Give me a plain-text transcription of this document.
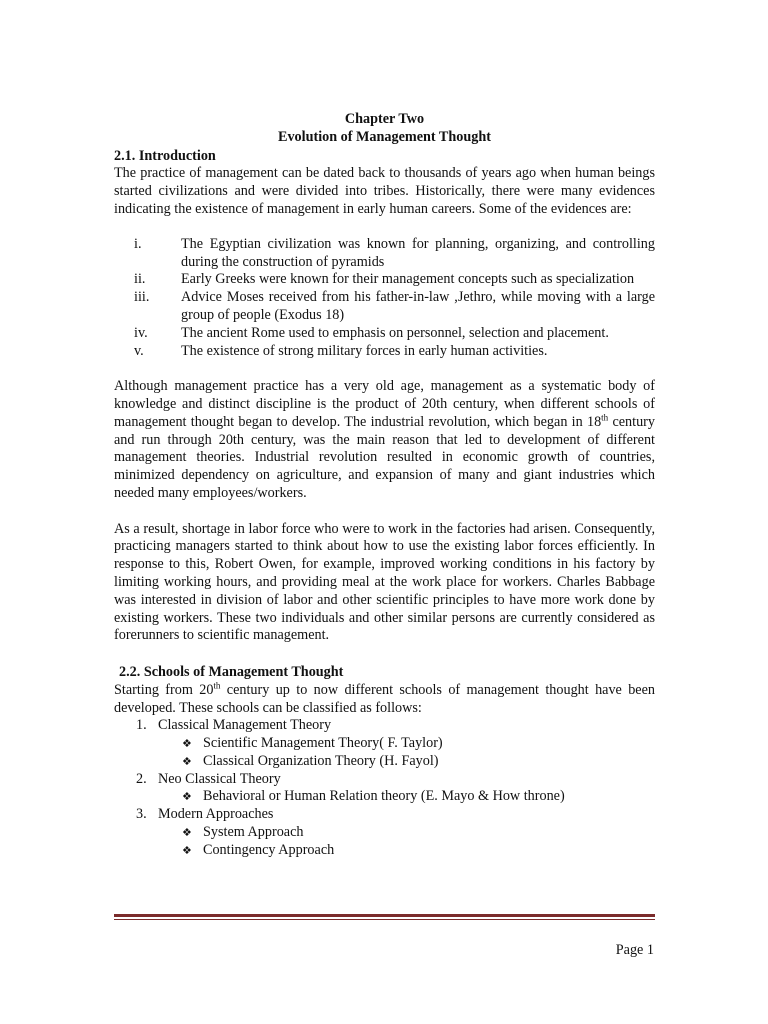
Chapter Two
Evolution of Management Thought
2.1. Introduction

The practice of management can be dated back to thousands of years ago when human beings started civilizations and were divided into tribes. Historically, there were many evidences indicating the existence of management in early human careers. Some of the evidences are:

i.	The Egyptian civilization was known for planning, organizing, and controlling during the construction of pyramids
ii.	Early Greeks were known for their management concepts such as specialization
iii.	Advice Moses received from his father-in-law ,Jethro, while moving with a large group of people (Exodus 18)
iv.	The ancient Rome used to emphasis on personnel, selection and placement.
v.	The existence of strong military forces in early human activities.

Although management practice has a very old age, management as a systematic body of knowledge and distinct discipline is the product of 20th century, when different schools of management thought began to develop. The industrial revolution, which began in 18th century and run through 20th century, was the main reason that led to development of different management theories. Industrial revolution resulted in economic growth of countries, minimized dependency on agriculture, and expansion of many and giant industries which needed many employees/workers.

As a result, shortage in labor force who were to work in the factories had arisen. Consequently, practicing managers started to think about how to use the existing labor forces efficiently. In response to this, Robert Owen, for example, improved working conditions in his factory by limiting working hours, and providing meal at the work place for workers. Charles Babbage was interested in division of labor and other scientific principles to have more work done by existing workers. These two individuals and other similar persons are currently considered as forerunners to scientific management.

2.2. Schools of Management Thought

Starting from 20th century up to now different schools of management thought have been developed. These schools can be classified as follows:

1. Classical Management Theory
❖ Scientific Management Theory( F. Taylor)
❖ Classical Organization Theory (H. Fayol)
2. Neo Classical Theory
❖ Behavioral or Human Relation theory (E. Mayo & How throne)
3. Modern Approaches
❖ System Approach
❖ Contingency Approach
Page 1
